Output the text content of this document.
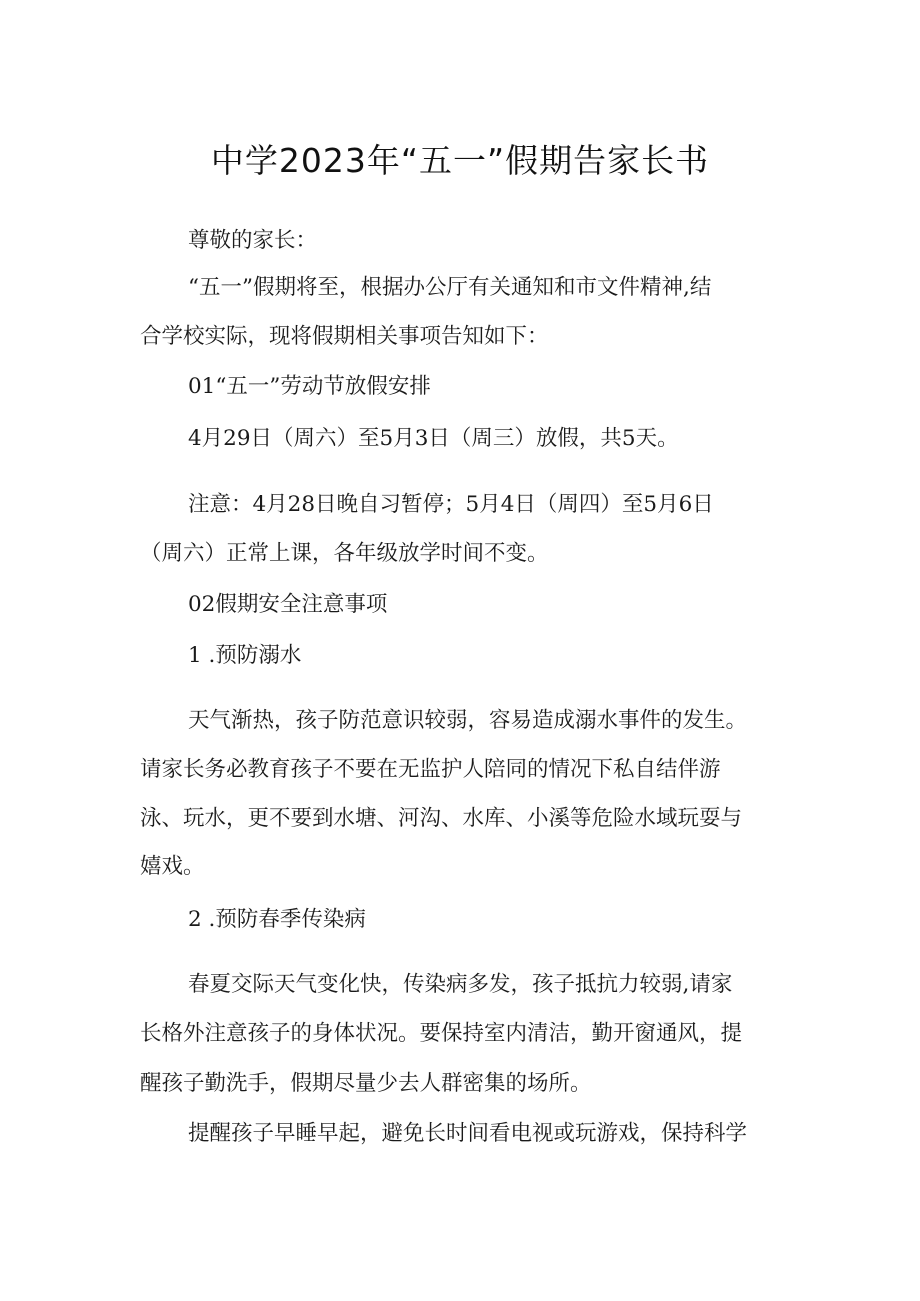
中学2023年“五一”假期告家长书
尊敬的家长：
“五一”假期将至，根据办公厅有关通知和市文件精神,结
合学校实际，现将假期相关事项告知如下：
01“五一”劳动节放假安排
4月29日（周六）至5月3日（周三）放假，共5天。
注意：4月28日晚自习暂停；5月4日（周四）至5月6日
（周六）正常上课，各年级放学时间不变。
02假期安全注意事项
1 .预防溺水
天气渐热，孩子防范意识较弱，容易造成溺水事件的发生。
请家长务必教育孩子不要在无监护人陪同的情况下私自结伴游
泳、玩水，更不要到水塘、河沟、水库、小溪等危险水域玩耍与
嬉戏。
2 .预防春季传染病
春夏交际天气变化快，传染病多发，孩子抵抗力较弱,请家
长格外注意孩子的身体状况。要保持室内清洁，勤开窗通风，提
醒孩子勤洗手，假期尽量少去人群密集的场所。
提醒孩子早睡早起，避免长时间看电视或玩游戏，保持科学
